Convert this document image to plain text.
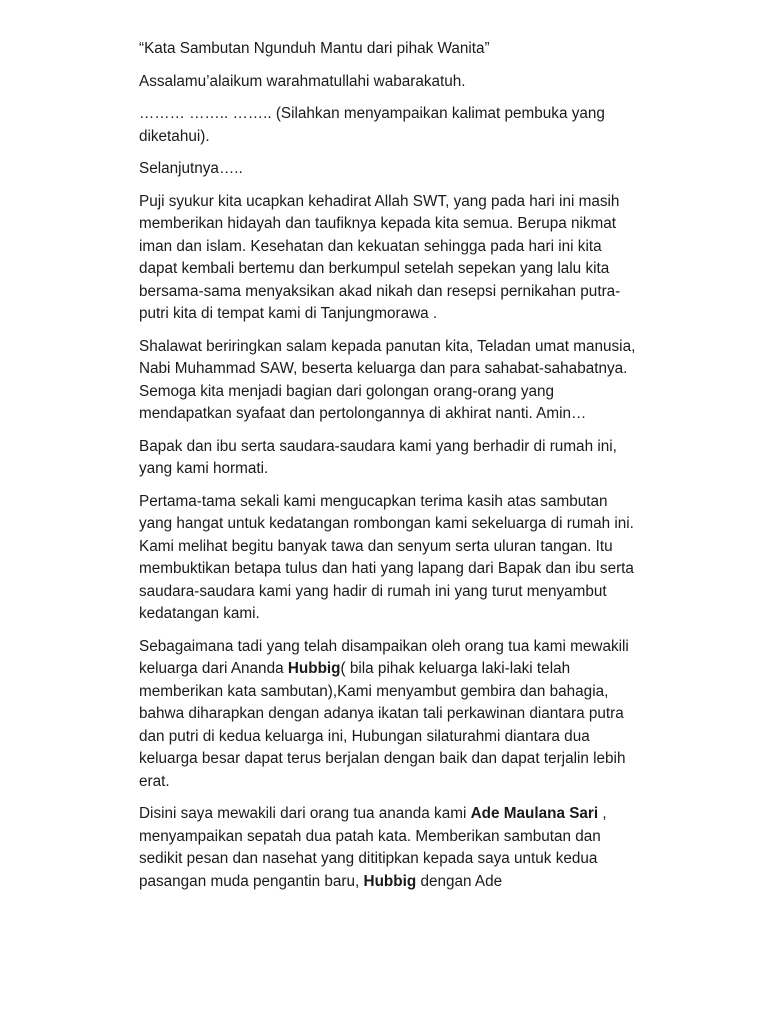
“Kata Sambutan Ngunduh Mantu dari pihak Wanita”

Assalamu’alaikum warahmatullahi wabarakatuh.

……… …….. …….. (Silahkan menyampaikan kalimat pembuka yang diketahui).

Selanjutnya…..

Puji syukur kita ucapkan kehadirat Allah SWT, yang pada hari ini masih memberikan hidayah dan taufiknya kepada kita semua. Berupa nikmat iman dan islam. Kesehatan dan kekuatan sehingga pada hari ini kita dapat kembali bertemu dan berkumpul setelah sepekan yang lalu kita bersama-sama menyaksikan akad nikah dan resepsi pernikahan putra-putri kita di tempat kami di Tanjungmorawa .

Shalawat beriringkan salam kepada panutan kita, Teladan umat manusia, Nabi Muhammad SAW, beserta keluarga dan para sahabat-sahabatnya. Semoga kita menjadi bagian dari golongan orang-orang yang mendapatkan syafaat dan pertolongannya di akhirat nanti. Amin…

Bapak dan ibu serta saudara-saudara kami yang berhadir di rumah ini, yang kami hormati.

Pertama-tama sekali kami mengucapkan terima kasih atas sambutan yang hangat untuk kedatangan rombongan kami sekeluarga di rumah ini. Kami melihat begitu banyak tawa dan senyum serta uluran tangan. Itu membuktikan betapa tulus dan hati yang lapang dari Bapak dan ibu serta saudara-saudara kami yang hadir di rumah ini yang turut menyambut kedatangan kami.

Sebagaimana tadi yang telah disampaikan oleh orang tua kami mewakili keluarga dari Ananda Hubbig( bila pihak keluarga laki-laki telah memberikan kata sambutan),Kami menyambut gembira dan bahagia, bahwa diharapkan dengan adanya ikatan tali perkawinan diantara putra dan putri di kedua keluarga ini, Hubungan silaturahmi diantara dua keluarga besar dapat terus berjalan dengan baik dan dapat terjalin lebih erat.

Disini saya mewakili dari orang tua ananda kami Ade Maulana Sari , menyampaikan sepatah dua patah kata. Memberikan sambutan dan sedikit pesan dan nasehat yang dititipkan kepada saya untuk kedua pasangan muda pengantin baru, Hubbig dengan Ade
